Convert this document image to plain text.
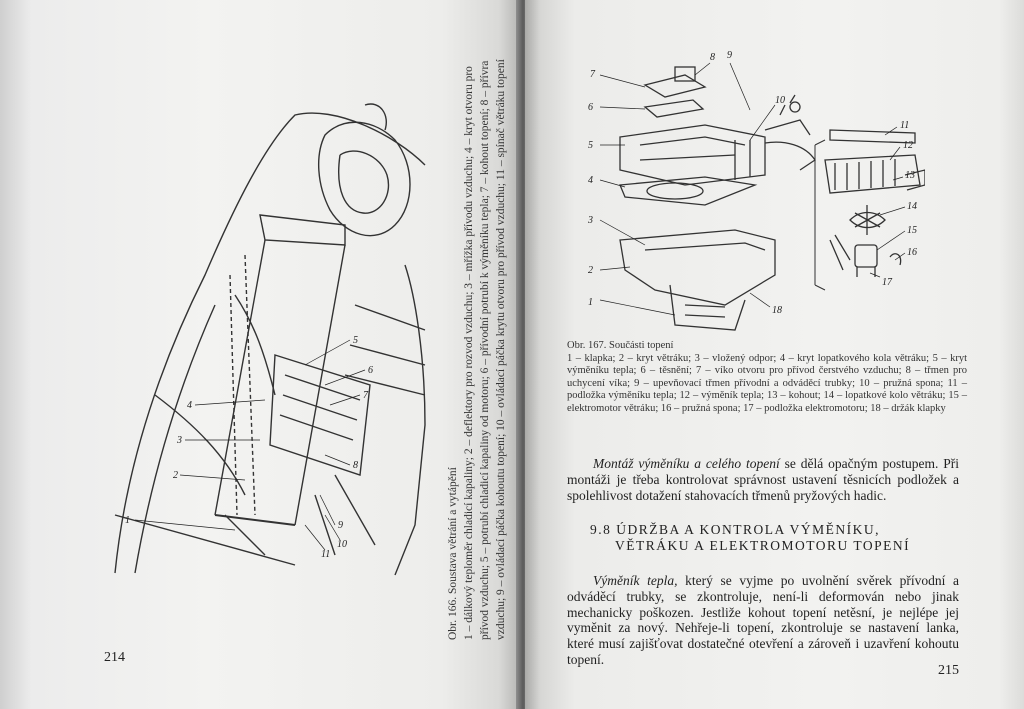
1
2
3
4
5
6
7
8
9
10
11	Obr. 166. Soustava větrání a vytápění 1 – dálkový teploměr chladicí kapaliny; 2 – deflektory pro rozvod vzduchu; 3 – mřížka přívodu vzduchu; 4 – kryt otvoru pro přívod vzduchu; 5 – potrubí chladicí kapaliny od motoru; 6 – přívodní potrubí k výměníku tepla; 7 – kohout topení; 8 – přívra vzduchu; 9 – ovládací páčka kohoutu topení; 10 – ovládací páčka krytu otvoru pro přívod vzduchu; 11 – spínač větráku topení

214
1
2
3
4
5
6
7
8 9
10
11
12
13
14
15
16
17
18

Obr. 167. Součásti topení

1 – klapka; 2 – kryt větráku; 3 – vložený odpor; 4 – kryt lopatkového kola větráku; 5 – kryt výměníku tepla; 6 – těsnění; 7 – víko otvoru pro přívod čerstvého vzduchu; 8 – třmen pro uchycení víka; 9 – upevňovací třmen přívodní a odváděcí trubky; 10 – pružná spona; 11 – podložka výměníku tepla; 12 – výměník tepla; 13 – kohout; 14 – lopatkové kolo větráku; 15 – elektromotor větráku; 16 – pružná spona; 17 – podložka elektromotoru; 18 – držák klapky

Montáž výměníku a celého topení se dělá opačným postupem. Při montáži je třeba kontrolovat správnost ustavení těsnicích podložek a spolehlivost dotažení stahovacích třmenů pryžových hadic.

9.8 ÚDRŽBA A KONTROLA VÝMĚNÍKU,
VĚTRÁKU A ELEKTROMOTORU TOPENÍ

Výměník tepla, který se vyjme po uvolnění svěrek přívodní a odváděcí trubky, se zkontroluje, není-li deformován nebo jinak mechanicky poškozen. Jestliže kohout topení netěsní, je nejlépe jej vyměnit za nový. Nehřeje-li topení, zkontroluje se nastavení lanka, které musí zajišťovat dostatečné otevření a zároveň i uzavření kohoutu topení.

215
